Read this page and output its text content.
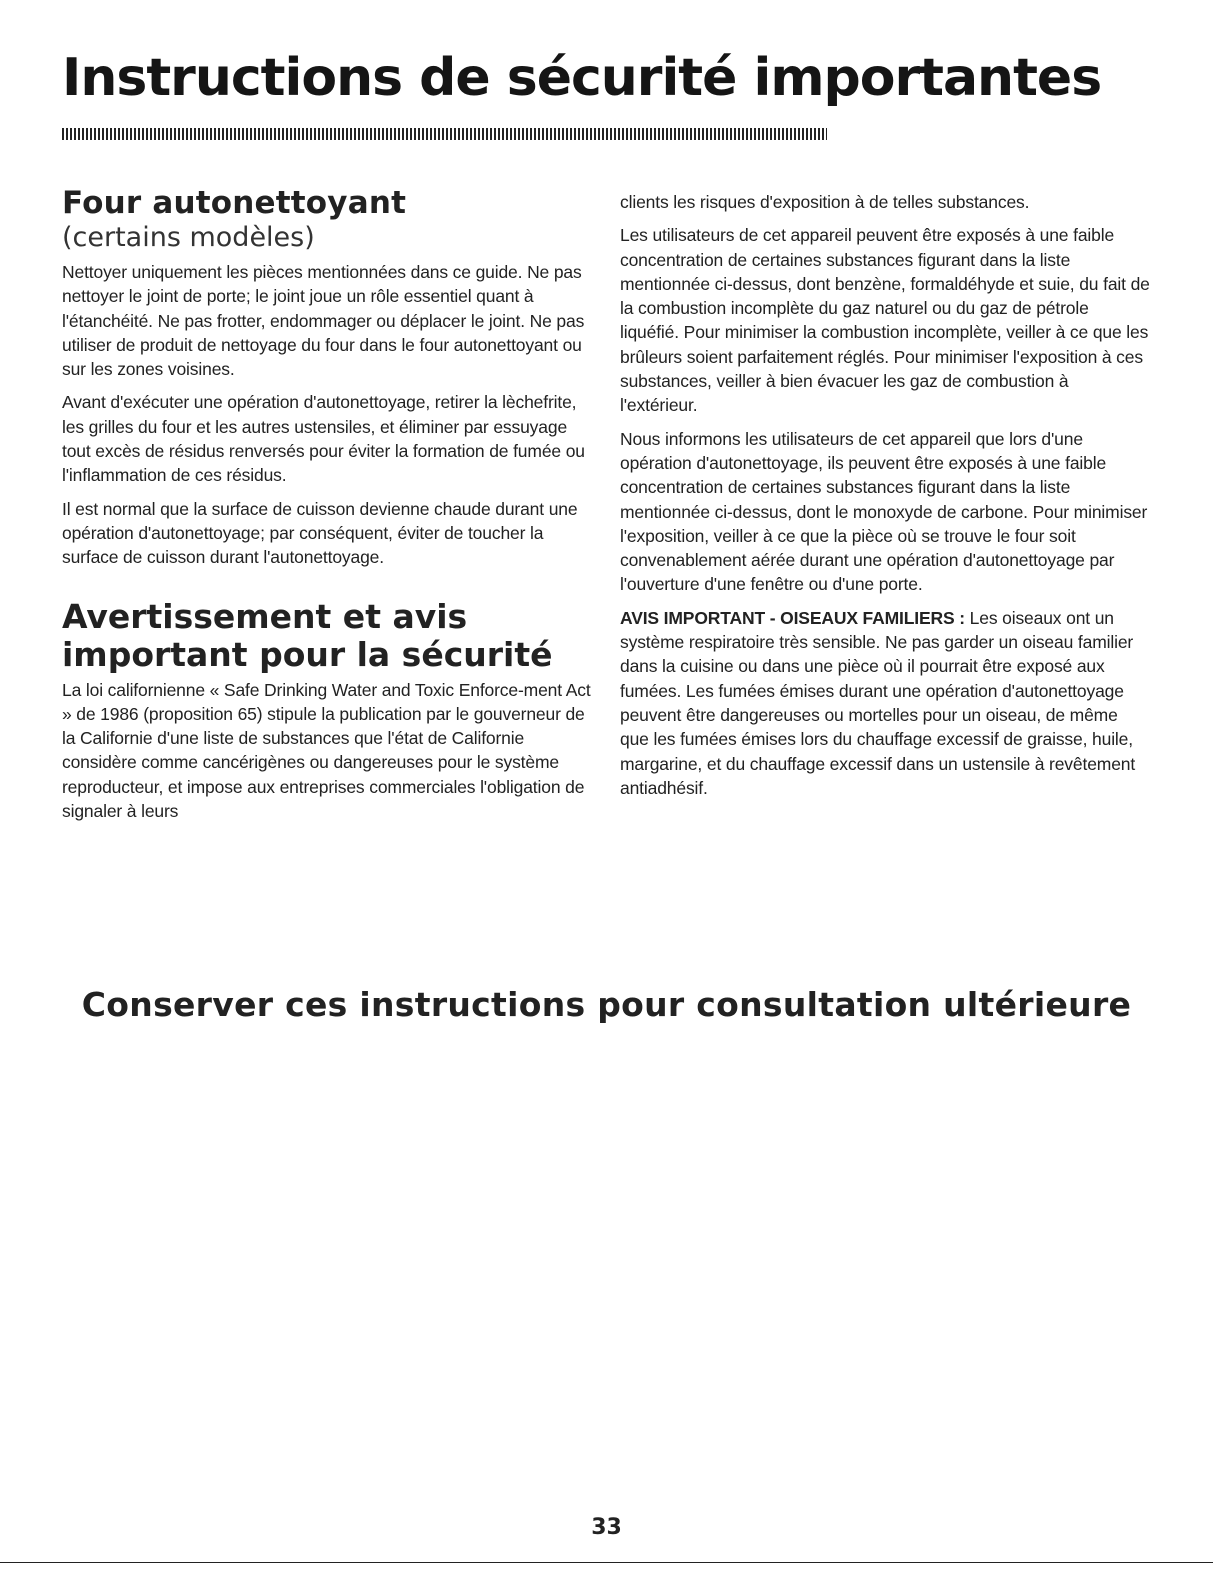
Instructions de sécurité importantes
Four autonettoyant
(certains modèles)

Nettoyer uniquement les pièces mentionnées dans ce guide. Ne pas nettoyer le joint de porte; le joint joue un rôle essentiel quant à l'étanchéité. Ne pas frotter, endommager ou déplacer le joint. Ne pas utiliser de produit de nettoyage du four dans le four autonettoyant ou sur les zones voisines.

Avant d'exécuter une opération d'autonettoyage, retirer la lèchefrite, les grilles du four et les autres ustensiles, et éliminer par essuyage tout excès de résidus renversés pour éviter la formation de fumée ou l'inflammation de ces résidus.

Il est normal que la surface de cuisson devienne chaude durant une opération d'autonettoyage; par conséquent, éviter de toucher la surface de cuisson durant l'autonettoyage.

Avertissement et avis important pour la sécurité

La loi californienne « Safe Drinking Water and Toxic Enforce-ment Act » de 1986 (proposition 65) stipule la publication par le gouverneur de la Californie d'une liste de substances que l'état de Californie considère comme cancérigènes ou dangereuses pour le système reproducteur, et impose aux entreprises commerciales l'obligation de signaler à leurs

clients les risques d'exposition à de telles substances.

Les utilisateurs de cet appareil peuvent être exposés à une faible concentration de certaines substances figurant dans la liste mentionnée ci-dessus, dont benzène, formaldéhyde et suie, du fait de la combustion incomplète du gaz naturel ou du gaz de pétrole liquéfié. Pour minimiser la combustion incomplète, veiller à ce que les brûleurs soient parfaitement réglés. Pour minimiser l'exposition à ces substances, veiller à bien évacuer les gaz de combustion à l'extérieur.

Nous informons les utilisateurs de cet appareil que lors d'une opération d'autonettoyage, ils peuvent être exposés à une faible concentration de certaines substances figurant dans la liste mentionnée ci-dessus, dont le monoxyde de carbone. Pour minimiser l'exposition, veiller à ce que la pièce où se trouve le four soit convenablement aérée durant une opération d'autonettoyage par l'ouverture d'une fenêtre ou d'une porte.

AVIS IMPORTANT - OISEAUX FAMILIERS : Les oiseaux ont un système respiratoire très sensible. Ne pas garder un oiseau familier dans la cuisine ou dans une pièce où il pourrait être exposé aux fumées. Les fumées émises durant une opération d'autonettoyage peuvent être dangereuses ou mortelles pour un oiseau, de même que les fumées émises lors du chauffage excessif de graisse, huile, margarine, et du chauffage excessif dans un ustensile à revêtement antiadhésif.

Conserver ces instructions pour consultation ultérieure
33
